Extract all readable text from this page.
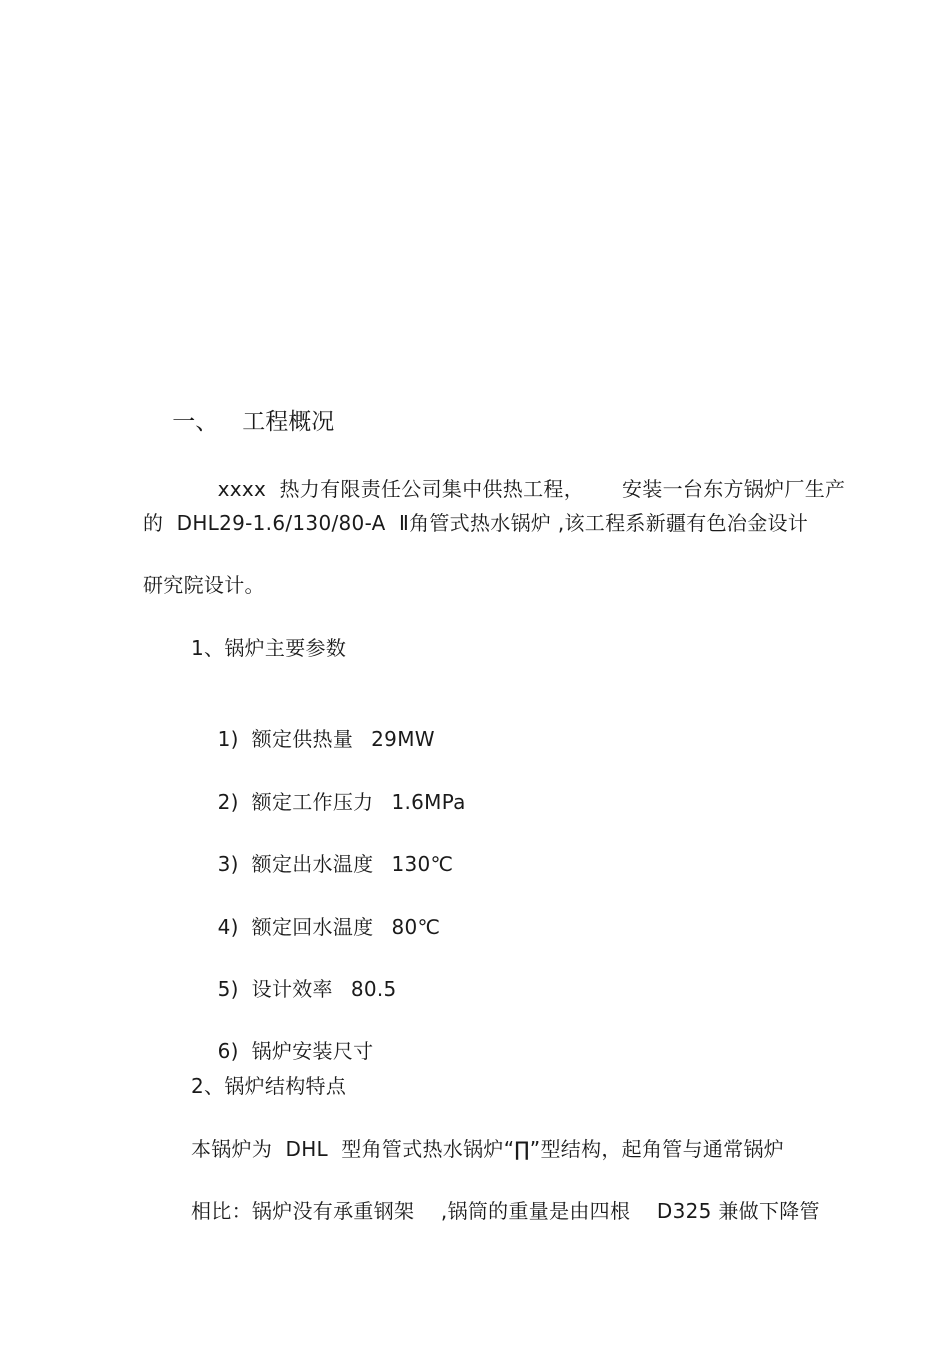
一、 工程概况

xxxx  热力有限责任公司集中供热工程， 安装一台东方锅炉厂生产

的  DHL29-1.6/130/80-A  Ⅱ角管式热水锅炉 ,该工程系新疆有色冶金设计
研究院设计。
1、锅炉主要参数

1) 额定供热量 29MW

2) 额定工作压力 1.6MPa

3) 额定出水温度 130℃

4) 额定回水温度 80℃

5) 设计效率 80.5

6) 锅炉安装尺寸

2、锅炉结构特点
本锅炉为  DHL  型角管式热水锅炉“∏”型结构，起角管与通常锅炉
相比：锅炉没有承重钢架    ,锅筒的重量是由四根    D325 兼做下降管
